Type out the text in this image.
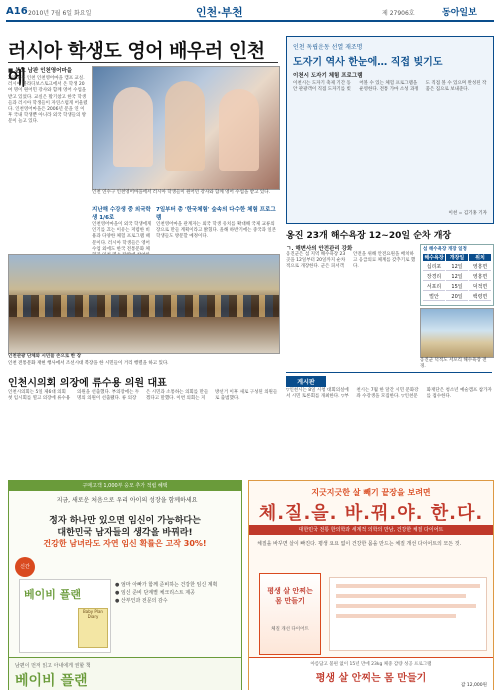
A16 2010년 7월 6일 화요일	인천·부천	제 27906호	동아일보
러시아 학생도 영어 배우러 인천에
■ 분호 남판 인천영어마을
2일 오후 인천 인천영어마을 캠프 교실. 러시아 블라디보스토크에서 온 학생 20여 명이 원어민 강사와 함께 영어 수업을 받고 있었다. 교실은 활기찼고 한국 학생들과 러시아 학생들이 자연스럽게 어울렸다. 인천영어마을은 2006년 문을 연 이후 국내 학생뿐 아니라 외국 학생들의 방문이 늘고 있다.
인천 연수구 인천영어마을에서 러시아 학생들이 원어민 강사와 함께 영어 수업을 받고 있다.
지난해 수강생 중 외국학생 1/6로
인천영어마을이 외국 학생에게 인기를 끄는 이유는 저렴한 비용과 다양한 체험 프로그램 때문이다. 러시아 학생들은 영어 수업 외에도 한국 전통문화 체
7일부터 총 '한국체험' 숲속의 다수한 체험 프로그램
인천영어마을 관계자는 외국 학생 유치를 확대해 국제 교류의 장으로 만들 계획이라고 밝혔다. 올해 하반기에는 중국과 일본 학생들도 방문할 예정이다.
인천관광 단체와 시민들 손으로 한 장
인천 전통문화 재현 행사에서 조선시대 복장을 한 시민들이 거리 행렬을 하고 있다.
인천시의회 의장에 류수용 의원 대표
인천시의회는 5일 제6대 의회 첫 임시회를 열고 의장에 류수용 의원을 선출했다. 부의장에는 두 명의 의원이 선출됐다. 류 의장은 시민과 소통하는 의회를 만들겠다고 말했다. 이번 의회는 지방선거 이후 새로 구성된 의원들로 출범했다.
인천 독립운동 선열 재조명
도자기 역사 한눈에… 직접 빚기도
이천시 도자기 체험 프로그램
이천시는 도자기 축제 기간 동안 관광객이 직접 도자기를 빚어볼 수 있는 체험 프로그램을 운영한다. 전통 가마 소성 과정도 직접 볼 수 있으며 완성된 작품은 집으로 보내준다.
이천 = 김기홍 기자
옹진 23개 해수욕장 12~20일 순차 개장
ㄱ. 해변사의 안전관리 강화
옹진군은 섬 지역 해수욕장 23곳을 12일부터 20일까지 순차적으로 개장한다. 군은 피서객 안전을 위해 안전요원을 배치하고 응급의료 체계를 갖추기로 했다.
섬 해수욕장 개장 일정
해수욕장	개장일	위치
십리포	12일	영흥면
장경리	12일	영흥면
서포리	15일	덕적면
벌안	20일	백령면
옹진군 덕적도 서포리 해수욕장 전경.
게시판
▽인천시는 8일 시청 대회의실에서 시민 토론회를 개최한다. ▽부천시는 7월 한 달간 시민 문화강좌 수강생을 모집한다. ▽인천문화재단은 청소년 예술캠프 참가자를 접수한다.
구매고객 1,000부 응모 추가 적립 혜택
지금, 새로운 처음으로 우리 아이의 성장을 함께하세요
정자 하나만 있으면 임신이 가능하다는
대한민국 남자들의 생각을 바꿔라!
건강한 남녀라도 자연 임신 확률은 고작 30%!
신간
베이비 플랜
Baby Plan Diary
● 엄마 아빠가 함께 준비하는 건강한 임신 계획
● 임신 준비 단계별 체크리스트 제공
● 산부인과 전문의 감수
남편이 먼저 읽고 아내에게 권할 책
베이비 플랜
지긋지긋한 살 빼기 끝장을 보려면
체.질.을. 바.꿔.야. 한.다.
대한민국 전통 한의학과 세계적 의학의 만남, 건강한 체질 다이어트
체질을 바꾸면 살이 빠진다. 평생 요요 없이 건강한 몸을 만드는 체질 개선 다이어트의 모든 것.
평생 살 안찌는 몸 만들기
체질 개선 다이어트
아름답고 불편 없이 15년 만에 23kg 체중 감량 성공 프로그램
평생 살 안찌는 몸 만들기
값 12,000원
